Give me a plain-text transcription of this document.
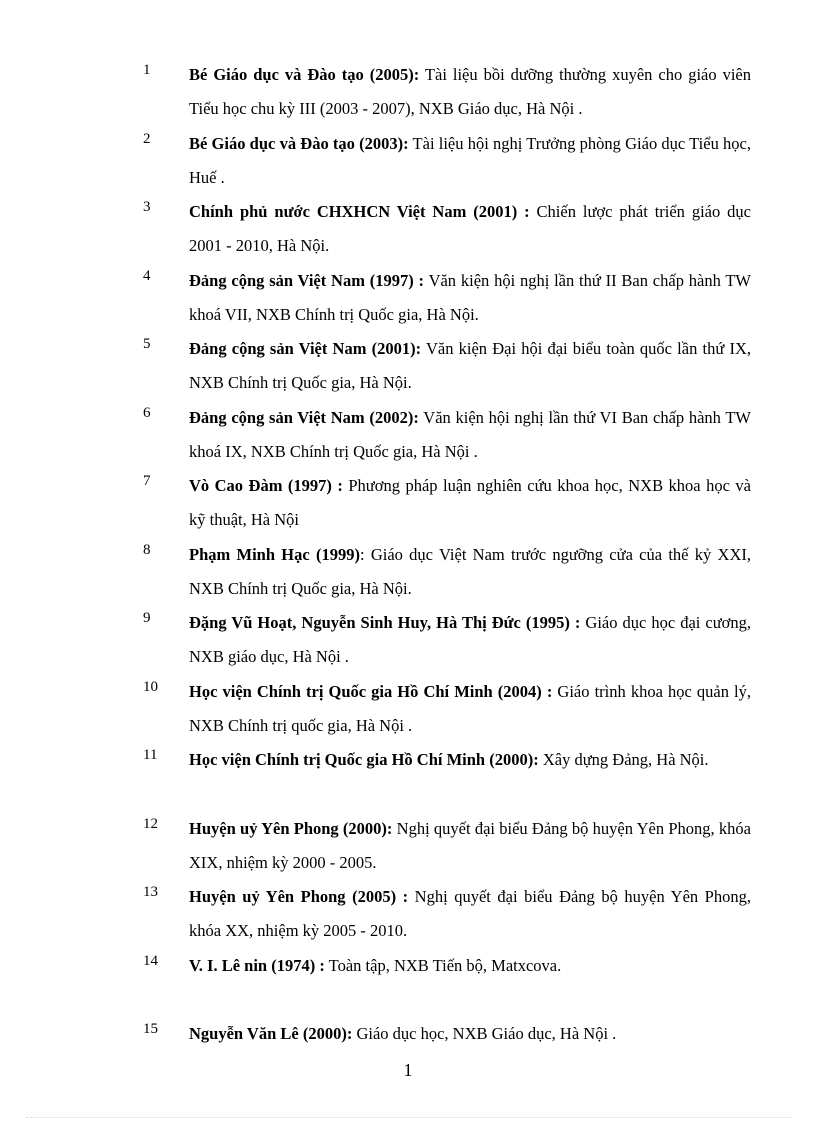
1 Bé Giáo dục và Đào tạo (2005): Tài liệu bồi dưỡng thường xuyên cho giáo viên Tiểu học chu kỳ III (2003 - 2007), NXB Giáo dục, Hà Nội .
2 Bé Giáo dục và Đào tạo (2003): Tài liệu hội nghị Trưởng phòng Giáo dục Tiểu học, Huế .
3 Chính phủ nước CHXHCN Việt Nam (2001) : Chiến lược phát triển giáo dục 2001 - 2010, Hà Nội.
4 Đảng cộng sản Việt Nam (1997) : Văn kiện hội nghị lần thứ II Ban chấp hành TW khoá VII, NXB Chính trị Quốc gia, Hà Nội.
5 Đảng cộng sản Việt Nam (2001): Văn kiện Đại hội đại biểu toàn quốc lần thứ IX, NXB Chính trị Quốc gia, Hà Nội.
6 Đảng cộng sản Việt Nam (2002): Văn kiện hội nghị lần thứ VI Ban chấp hành TW khoá IX, NXB Chính trị Quốc gia, Hà Nội .
7 Vò Cao Đàm (1997) : Phương pháp luận nghiên cứu khoa học, NXB khoa học và kỹ thuật, Hà Nội
8 Phạm Minh Hạc (1999): Giáo dục Việt Nam trước ngưỡng cửa của thế kỷ XXI, NXB Chính trị Quốc gia, Hà Nội.
9 Đặng Vũ Hoạt, Nguyễn Sinh Huy, Hà Thị Đức (1995) : Giáo dục học đại cương, NXB giáo dục, Hà Nội .
10 Học viện Chính trị Quốc gia Hồ Chí Minh (2004) : Giáo trình khoa học quản lý, NXB Chính trị quốc gia, Hà Nội .
11 Học viện Chính trị Quốc gia Hồ Chí Minh (2000): Xây dựng Đảng, Hà Nội.
12 Huyện uỷ Yên Phong (2000): Nghị quyết đại biểu Đảng bộ huyện Yên Phong, khóa XIX, nhiệm kỳ 2000 - 2005.
13 Huyện uỷ Yên Phong (2005) : Nghị quyết đại biểu Đảng bộ huyện Yên Phong, khóa XX, nhiệm kỳ 2005 - 2010.
14 V. I. Lê nin (1974) : Toàn tập, NXB Tiến bộ, Matxcova.
15 Nguyễn Văn Lê (2000): Giáo dục học, NXB Giáo dục, Hà Nội .
1
